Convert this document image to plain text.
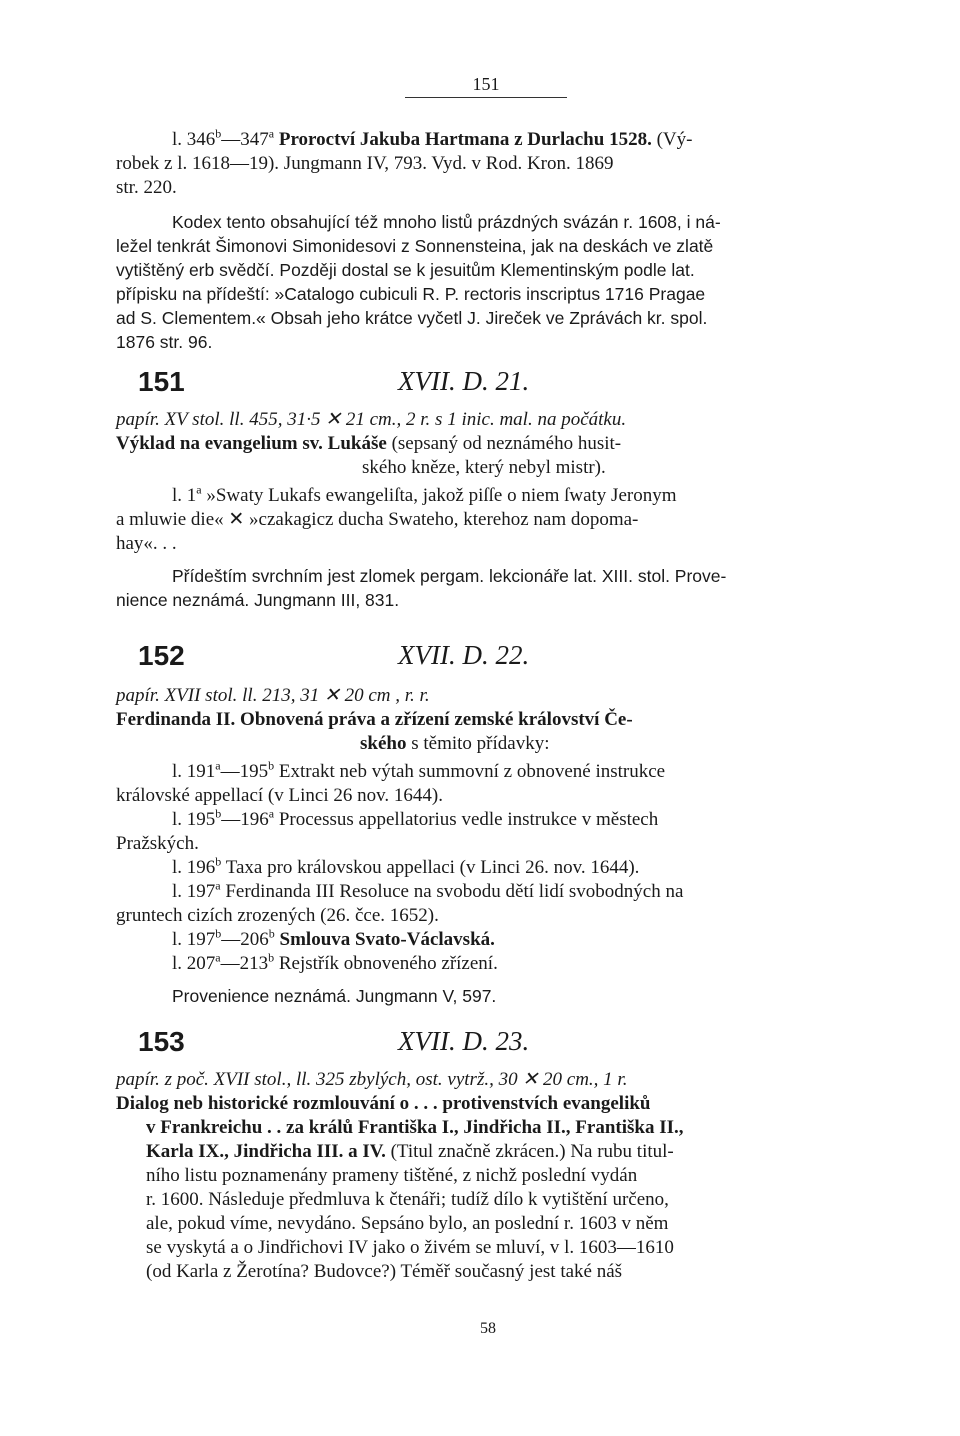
151

l. 346$^b$—347$^a$ Proroctví Jakuba Hartmana z Durlachu 1528. (Vý-

robek z l. 1618—19). Jungmann IV, 793. Vyd. v Rod. Kron. 1869

str. 220.

Kodex tento obsahující též mnoho listů prázdných svázán r. 1608, i ná-

ležel tenkrát Šimonovi Simonidesovi z Sonnensteina, jak na deskách ve zlatě

vytištěný erb svědčí. Později dostal se k jesuitům Klementinským podle lat.

přípisku na přídeští: »Catalogo cubiculi R. P. rectoris inscriptus 1716 Pragae

ad S. Clementem.« Obsah jeho krátce vyčetl J. Jireček ve Zprávách kr. spol.

1876 str. 96.

151	XVII. D. 21.

papír. XV stol. ll. 455, 31·5 ✕ 21 cm., 2 r. s 1 inic. mal. na počátku.

Výklad na evangelium sv. Lukáše (sepsaný od neznámého husit-

ského kněze, který nebyl mistr).

l. 1$^a$ »Swaty Lukafs ewangeliſta, jakož piſſe o niem ſwaty Jeronym

a mluwie die« ✕ »czakagicz ducha Swateho, kterehoz nam dopoma-

hay«. . .

Přídeštím svrchním jest zlomek pergam. lekcionáře lat. XIII. stol. Prove-

nience neznámá. Jungmann III, 831.

152	XVII. D. 22.

papír. XVII stol. ll. 213, 31 ✕ 20 cm , r. r.

Ferdinanda II. Obnovená práva a zřízení zemské království Če-

ského s těmito přídavky:

l. 191$^a$—195$^b$ Extrakt neb výtah summovní z obnovené instrukce

královské appellací (v Linci 26 nov. 1644).

l. 195$^b$—196$^a$ Processus appellatorius vedle instrukce v městech

Pražských.

l. 196$^b$ Taxa pro královskou appellaci (v Linci 26. nov. 1644).

l. 197$^a$ Ferdinanda III Resoluce na svobodu dětí lidí svobodných na

gruntech cizích zrozených (26. čce. 1652).

l. 197$^b$—206$^b$ Smlouva Svato-Václavská.

l. 207$^a$—213$^b$ Rejstřík obnoveného zřízení.

Provenience neznámá. Jungmann V, 597.

153	XVII. D. 23.

papír. z poč. XVII stol., ll. 325 zbylých, ost. vytrž., 30 ✕ 20 cm., 1 r.

Dialog neb historické rozmlouvání o . . . protivenstvích evangeliků

v Frankreichu . . za králů Františka I., Jindřicha II., Františka II.,

Karla IX., Jindřicha III. a IV. (Titul značně zkrácen.) Na rubu titul-

ního listu poznamenány prameny tištěné, z nichž poslední vydán

r. 1600. Následuje předmluva k čtenáři; tudíž dílo k vytištění určeno,

ale, pokud víme, nevydáno. Sepsáno bylo, an poslední r. 1603 v něm

se vyskytá a o Jindřichovi IV jako o živém se mluví, v l. 1603—1610

(od Karla z Žerotína? Budovce?) Téměř současný jest také náš

58
